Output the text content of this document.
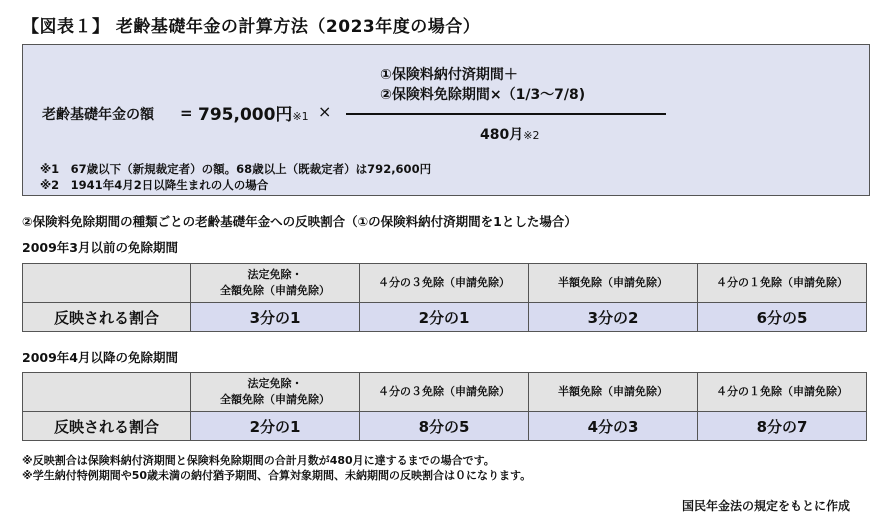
【図表１】 老齢基礎年金の計算方法（2023年度の場合）
老齢基礎年金の額 = 795,000円※1 ×
①保険料納付済期間＋
②保険料免除期間×（1/3～7/8)
480月※2
※1　67歳以下（新規裁定者）の額。68歳以上（既裁定者）は792,600円
※2　1941年4月2日以降生まれの人の場合
②保険料免除期間の種類ごとの老齢基礎年金への反映割合（①の保険料納付済期間を1とした場合）
2009年3月以前の免除期間
	法定免除・
全額免除（申請免除）	４分の３免除（申請免除）	半額免除（申請免除）	４分の１免除（申請免除）
反映される割合	3分の1	2分の1	3分の2	6分の5
2009年4月以降の免除期間
	法定免除・
全額免除（申請免除）	４分の３免除（申請免除）	半額免除（申請免除）	４分の１免除（申請免除）
反映される割合	2分の1	8分の5	4分の3	8分の7
※反映割合は保険料納付済期間と保険料免除期間の合計月数が480月に達するまでの場合です。
※学生納付特例期間や50歳未満の納付猶予期間、合算対象期間、未納期間の反映割合は０になります。
国民年金法の規定をもとに作成
